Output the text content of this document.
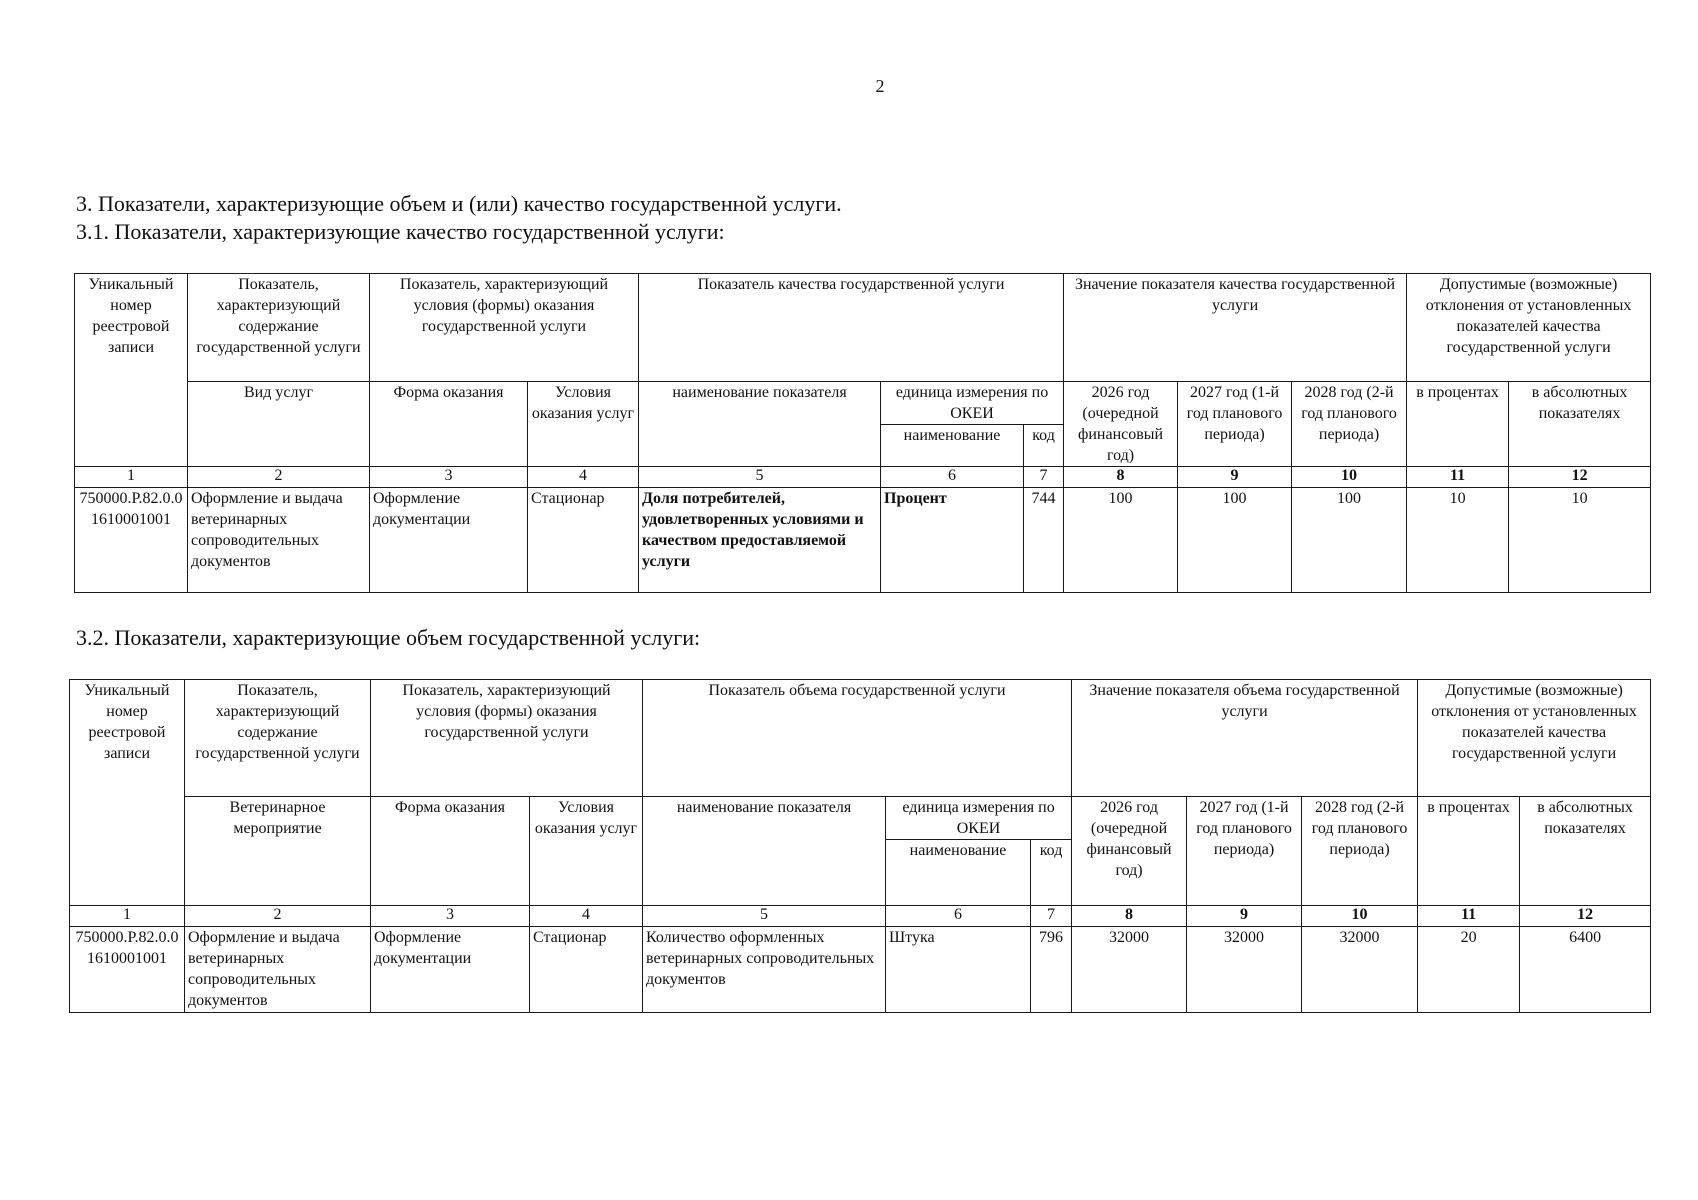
2
3. Показатели, характеризующие объем и (или) качество государственной услуги.
3.1. Показатели, характеризующие качество государственной услуги:
Уникальный номер реестровой записи	Показатель, характеризующий содержание государственной услуги	Показатель, характеризующий условия (формы) оказания государственной услуги		Показатель качества государственной услуги			Значение показателя качества государственной услуги			Допустимые (возможные) отклонения от установленных показателей качества государственной услуги	
	Вид услуг	Форма оказания	Условия оказания услуг	наименование показателя	единица измерения по ОКЕИ		2026 год (очередной финансовый год)	2027 год (1-й год планового периода)	2028 год (2-й год планового периода)	в процентах	в абсолютных показателях
					наименование	код					
1	2	3	4	5	6	7	8	9	10	11	12
750000.Р.82.0.01610001001	Оформление и выдача ветеринарных сопроводительных документов	Оформление документации	Стационар	Доля потребителей, удовлетворенных условиями и качеством предоставляемой услуги	Процент	744	100	100	100	10	10
3.2. Показатели, характеризующие объем государственной услуги:
Уникальный номер реестровой записи	Показатель, характеризующий содержание государственной услуги	Показатель, характеризующий условия (формы) оказания государственной услуги		Показатель объема государственной услуги			Значение показателя объема государственной услуги			Допустимые (возможные) отклонения от установленных показателей качества государственной услуги	
	Ветеринарное мероприятие	Форма оказания	Условия оказания услуг	наименование показателя	единица измерения по ОКЕИ		2026 год (очередной финансовый год)	2027 год (1-й год планового периода)	2028 год (2-й год планового периода)	в процентах	в абсолютных показателях
					наименование	код					
1	2	3	4	5	6	7	8	9	10	11	12
750000.Р.82.0.01610001001	Оформление и выдача ветеринарных сопроводительных документов	Оформление документации	Стационар	Количество оформленных ветеринарных сопроводительных документов	Штука	796	32000	32000	32000	20	6400
